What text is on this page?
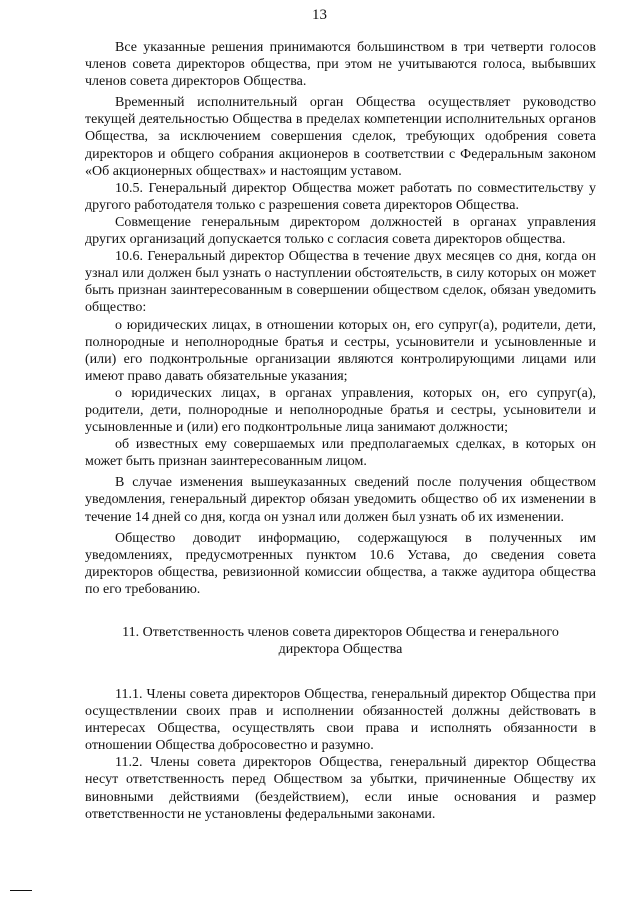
13

Все указанные решения принимаются большинством в три четверти голосов членов совета директоров общества, при этом не учитываются голоса, выбывших членов совета директоров Общества.

Временный исполнительный орган Общества осуществляет руководство текущей деятельностью Общества в пределах компетенции исполнительных органов Общества, за исключением совершения сделок, требующих одобрения совета директоров и общего собрания акционеров в соответствии с Федеральным законом «Об акционерных обществах» и настоящим уставом.

10.5. Генеральный директор Общества может работать по совместительству у другого работодателя только с разрешения совета директоров Общества.

Совмещение генеральным директором должностей в органах управления других организаций допускается только с согласия совета директоров общества.

10.6. Генеральный директор Общества в течение двух месяцев со дня, когда он узнал или должен был узнать о наступлении обстоятельств, в силу которых он может быть признан заинтересованным в совершении обществом сделок, обязан уведомить общество:

о юридических лицах, в отношении которых он, его супруг(а), родители, дети, полнородные и неполнородные братья и сестры, усыновители и усыновленные и (или) его подконтрольные организации являются контролирующими лицами или имеют право давать обязательные указания;

о юридических лицах, в органах управления, которых он, его супруг(а), родители, дети, полнородные и неполнородные братья и сестры, усыновители и усыновленные и (или) его подконтрольные лица занимают должности;

об известных ему совершаемых или предполагаемых сделках, в которых он может быть признан заинтересованным лицом.

В случае изменения вышеуказанных сведений после получения обществом уведомления, генеральный директор обязан уведомить общество об их изменении в течение 14 дней со дня, когда он узнал или должен был узнать об их изменении.

Общество доводит информацию, содержащуюся в полученных им уведомлениях, предусмотренных пунктом 10.6 Устава, до сведения совета директоров общества, ревизионной комиссии общества, а также аудитора общества по его требованию.

11. Ответственность членов совета директоров Общества и генерального директора Общества

11.1. Члены совета директоров Общества, генеральный директор Общества при осуществлении своих прав и исполнении обязанностей должны действовать в интересах Общества, осуществлять свои права и исполнять обязанности в отношении Общества добросовестно и разумно.

11.2. Члены совета директоров Общества, генеральный директор Общества несут ответственность перед Обществом за убытки, причиненные Обществу их виновными действиями (бездействием), если иные основания и размер ответственности не установлены федеральными законами.
